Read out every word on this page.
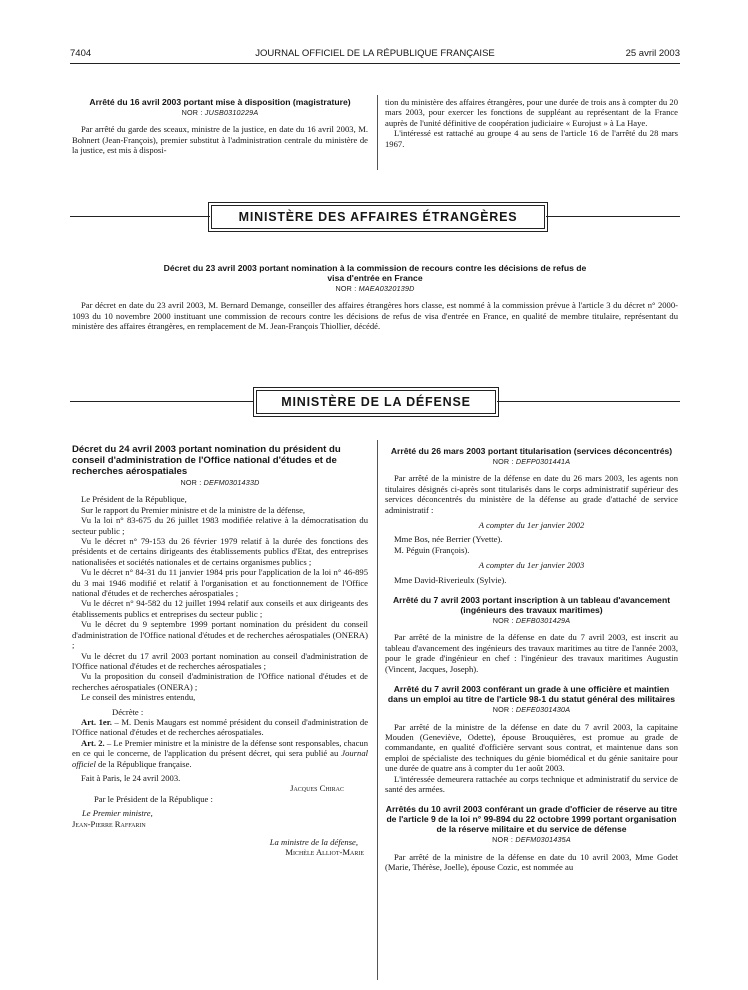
7404	JOURNAL OFFICIEL DE LA RÉPUBLIQUE FRANÇAISE	25 avril 2003
Arrêté du 16 avril 2003 portant mise à disposition (magistrature)
NOR : JUSB0310229A

Par arrêté du garde des sceaux, ministre de la justice, en date du 16 avril 2003, M. Bohnert (Jean-François), premier substitut à l'administration centrale du ministère de la justice, est mis à disposi-

tion du ministère des affaires étrangères, pour une durée de trois ans à compter du 20 mars 2003, pour exercer les fonctions de suppléant au représentant de la France auprès de l'unité définitive de coopération judiciaire « Eurojust » à La Haye.

L'intéressé est rattaché au groupe 4 au sens de l'article 16 de l'arrêté du 28 mars 1967.

MINISTÈRE DES AFFAIRES ÉTRANGÈRES
Décret du 23 avril 2003 portant nomination à la commission de recours contre les décisions de refus de visa d'entrée en France
NOR : MAEA0320139D

Par décret en date du 23 avril 2003, M. Bernard Demange, conseiller des affaires étrangères hors classe, est nommé à la commission prévue à l'article 3 du décret n° 2000-1093 du 10 novembre 2000 instituant une commission de recours contre les décisions de refus de visa d'entrée en France, en qualité de membre titulaire, représentant du ministère des affaires étrangères, en remplacement de M. Jean-François Thiollier, décédé.

MINISTÈRE DE LA DÉFENSE
Décret du 24 avril 2003 portant nomination du président du conseil d'administration de l'Office national d'études et de recherches aérospatiales
NOR : DEFM0301433D

Le Président de la République,

Sur le rapport du Premier ministre et de la ministre de la défense,

Vu la loi n° 83-675 du 26 juillet 1983 modifiée relative à la démocratisation du secteur public ;

Vu le décret n° 79-153 du 26 février 1979 relatif à la durée des fonctions des présidents et de certains dirigeants des établissements publics d'Etat, des entreprises nationalisées et sociétés nationales et de certains organismes publics ;

Vu le décret n° 84-31 du 11 janvier 1984 pris pour l'application de la loi n° 46-895 du 3 mai 1946 modifié et relatif à l'organisation et au fonctionnement de l'Office national d'études et de recherches aérospatiales ;

Vu le décret n° 94-582 du 12 juillet 1994 relatif aux conseils et aux dirigeants des établissements publics et entreprises du secteur public ;

Vu le décret du 9 septembre 1999 portant nomination du président du conseil d'administration de l'Office national d'études et de recherches aérospatiales (ONERA) ;

Vu le décret du 17 avril 2003 portant nomination au conseil d'administration de l'Office national d'études et de recherches aérospatiales ;

Vu la proposition du conseil d'administration de l'Office national d'études et de recherches aérospatiales (ONERA) ;

Le conseil des ministres entendu,

Décrète :

Art. 1er. – M. Denis Maugars est nommé président du conseil d'administration de l'Office national d'études et de recherches aérospatiales.

Art. 2. – Le Premier ministre et la ministre de la défense sont responsables, chacun en ce qui le concerne, de l'application du présent décret, qui sera publié au Journal officiel de la République française.

Fait à Paris, le 24 avril 2003.

Jacques Chirac
Par le Président de la République :
Le Premier ministre,
Jean-Pierre Raffarin
La ministre de la défense,
Michèle Alliot-Marie
Arrêté du 26 mars 2003 portant titularisation (services déconcentrés)
NOR : DEFP0301441A

Par arrêté de la ministre de la défense en date du 26 mars 2003, les agents non titulaires désignés ci-après sont titularisés dans le corps administratif supérieur des services déconcentrés du ministère de la défense au grade d'attaché de service administratif :

A compter du 1er janvier 2002

Mme Bos, née Berrier (Yvette).

M. Péguin (François).

A compter du 1er janvier 2003

Mme David-Riverieulx (Sylvie).

Arrêté du 7 avril 2003 portant inscription à un tableau d'avancement (ingénieurs des travaux maritimes)
NOR : DEFB0301429A

Par arrêté de la ministre de la défense en date du 7 avril 2003, est inscrit au tableau d'avancement des ingénieurs des travaux maritimes au titre de l'année 2003, pour le grade d'ingénieur en chef : l'ingénieur des travaux maritimes Augustin (Vincent, Jacques, Joseph).

Arrêté du 7 avril 2003 conférant un grade à une officière et maintien dans un emploi au titre de l'article 98-1 du statut général des militaires
NOR : DEFE0301430A

Par arrêté de la ministre de la défense en date du 7 avril 2003, la capitaine Mouden (Geneviève, Odette), épouse Brouquières, est promue au grade de commandante, en qualité d'officière servant sous contrat, et maintenue dans son emploi de spécialiste des techniques du génie biomédical et du génie sanitaire pour une durée de quatre ans à compter du 1er août 2003.

L'intéressée demeurera rattachée au corps technique et administratif du service de santé des armées.

Arrêtés du 10 avril 2003 conférant un grade d'officier de réserve au titre de l'article 9 de la loi n° 99-894 du 22 octobre 1999 portant organisation de la réserve militaire et du service de défense
NOR : DEFM0301435A

Par arrêté de la ministre de la défense en date du 10 avril 2003, Mme Godet (Marie, Thérèse, Joelle), épouse Cozic, est nommée au
